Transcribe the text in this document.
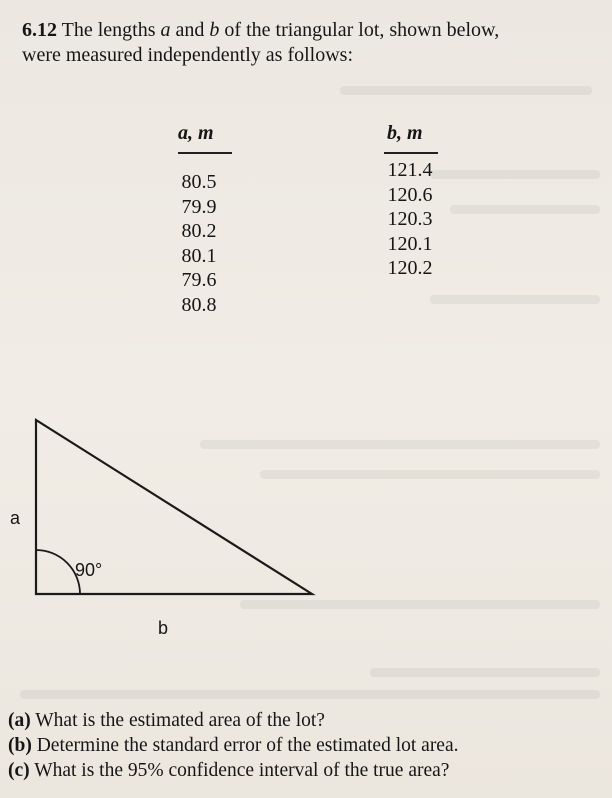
6.12 The lengths a and b of the triangular lot, shown below,
were measured independently as follows:
a, m	b, m
80.5
79.9
80.2
80.1
79.6
80.8
121.4
120.6
120.3
120.1
120.2
a
90°
b
(a) What is the estimated area of the lot?
(b) Determine the standard error of the estimated lot area.
(c) What is the 95% confidence interval of the true area?
